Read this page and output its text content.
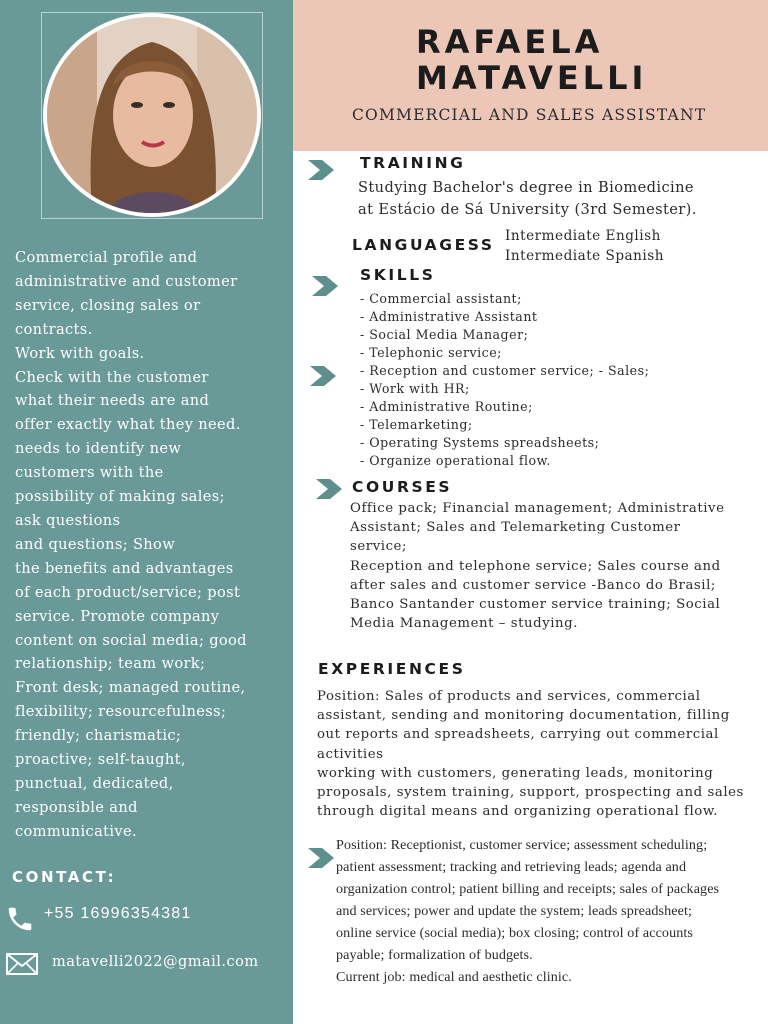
Commercial profile and
administrative and customer
service, closing sales or
contracts.
Work with goals.
Check with the customer
what their needs are and
offer exactly what they need.
needs to identify new
customers with the
possibility of making sales;
ask questions
and questions; Show
the benefits and advantages
of each product/service; post
service. Promote company
content on social media; good
relationship; team work;
Front desk; managed routine,
flexibility; resourcefulness;
friendly; charismatic;
proactive; self-taught,
punctual, dedicated,
responsible and
communicative.
CONTACT:
+55 16996354381
matavelli2022@gmail.com
RAFAELA
MATAVELLI
COMMERCIAL AND SALES ASSISTANT
TRAINING
Studying Bachelor's degree in Biomedicine
at Estácio de Sá University (3rd Semester).
LANGUAGESS Intermediate English
Intermediate Spanish
SKILLS
- Commercial assistant;
- Administrative Assistant
- Social Media Manager;
- Telephonic service;
- Reception and customer service; - Sales;
- Work with HR;
- Administrative Routine;
- Telemarketing;
- Operating Systems spreadsheets;
- Organize operational flow.
COURSES
Office pack; Financial management; Administrative
Assistant; Sales and Telemarketing Customer
service;
Reception and telephone service; Sales course and
after sales and customer service -Banco do Brasil;
Banco Santander customer service training; Social
Media Management – studying.
EXPERIENCES
Position: Sales of products and services, commercial
assistant, sending and monitoring documentation, filling
out reports and spreadsheets, carrying out commercial
activities
working with customers, generating leads, monitoring
proposals, system training, support, prospecting and sales
through digital means and organizing operational flow.
Position: Receptionist, customer service; assessment scheduling;
patient assessment; tracking and retrieving leads; agenda and
organization control; patient billing and receipts; sales of packages
and services; power and update the system; leads spreadsheet;
online service (social media); box closing; control of accounts
payable; formalization of budgets.
Current job: medical and aesthetic clinic.
